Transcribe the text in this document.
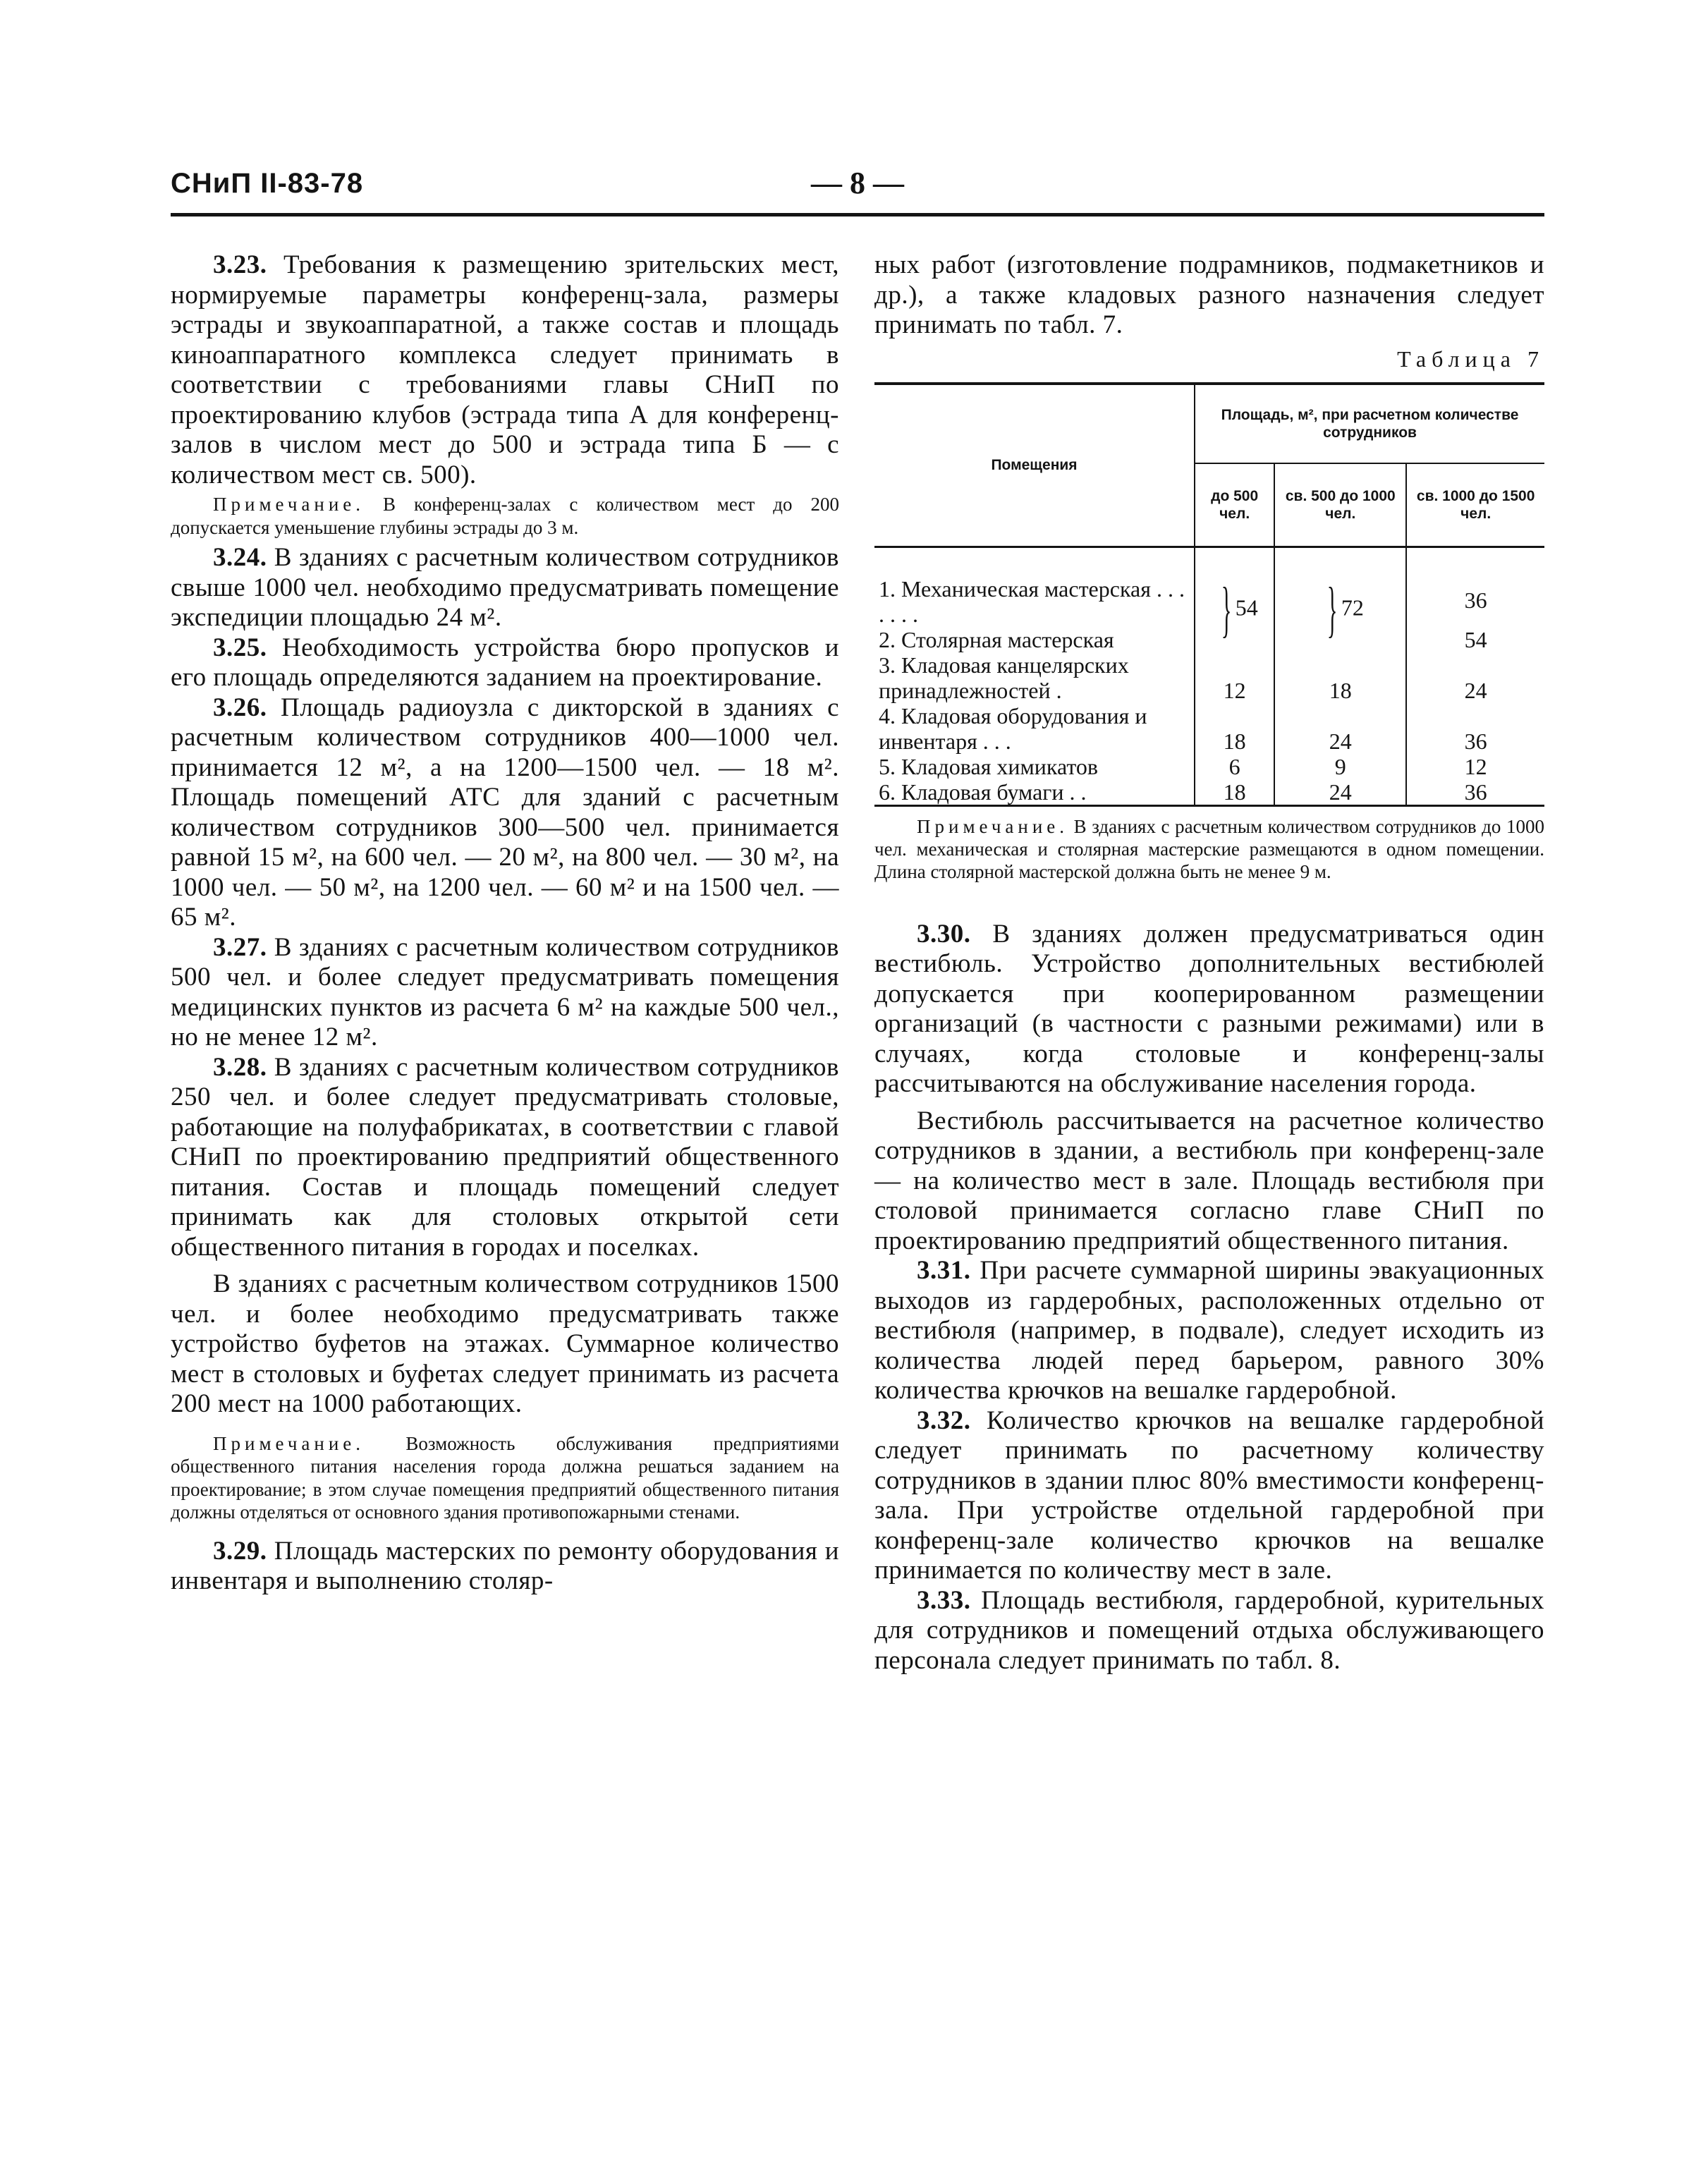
СНиП II-83-78	— 8 —

3.23. Требования к размещению зрительских мест, нормируемые параметры конференц-зала, размеры эстрады и звукоаппаратной, а также состав и площадь киноаппаратного комплекса следует принимать в соответствии с требованиями главы СНиП по проектированию клубов (эстрада типа А для конференц-залов в числом мест до 500 и эстрада типа Б — с количеством мест св. 500).

Примечание. В конференц-залах с количеством мест до 200 допускается уменьшение глубины эстрады до 3 м.

3.24. В зданиях с расчетным количеством сотрудников свыше 1000 чел. необходимо предусматривать помещение экспедиции площадью 24 м².

3.25. Необходимость устройства бюро пропусков и его площадь определяются заданием на проектирование.

3.26. Площадь радиоузла с дикторской в зданиях с расчетным количеством сотрудников 400—1000 чел. принимается 12 м², а на 1200—1500 чел. — 18 м². Площадь помещений АТС для зданий с расчетным количеством сотрудников 300—500 чел. принимается равной 15 м², на 600 чел. — 20 м², на 800 чел. — 30 м², на 1000 чел. — 50 м², на 1200 чел. — 60 м² и на 1500 чел. — 65 м².

3.27. В зданиях с расчетным количеством сотрудников 500 чел. и более следует предусматривать помещения медицинских пунктов из расчета 6 м² на каждые 500 чел., но не менее 12 м².

3.28. В зданиях с расчетным количеством сотрудников 250 чел. и более следует предусматривать столовые, работающие на полуфабрикатах, в соответствии с главой СНиП по проектированию предприятий общественного питания. Состав и площадь помещений следует принимать как для столовых открытой сети общественного питания в городах и поселках.

В зданиях с расчетным количеством сотрудников 1500 чел. и более необходимо предусматривать также устройство буфетов на этажах. Суммарное количество мест в столовых и буфетах следует принимать из расчета 200 мест на 1000 работающих.

Примечание. Возможность обслуживания предприятиями общественного питания населения города должна решаться заданием на проектирование; в этом случае помещения предприятий общественного питания должны отделяться от основного здания противопожарными стенами.

3.29. Площадь мастерских по ремонту оборудования и инвентаря и выполнению столяр-

ных работ (изготовление подрамников, подмакетников и др.), а также кладовых разного назначения следует принимать по табл. 7.

Таблица 7
Помещения	Площадь, м², при расчетном количестве сотрудников		
	до 500 чел.	св. 500 до 1000 чел.	св. 1000 до 1500 чел.
1. Механическая мастерская . . . . . . .	} 54	} 72	36
2. Столярная мастерская			54
3. Кладовая канцелярских принадлежностей .	12	18	24
4. Кладовая оборудования и инвентаря . . .	18	24	36
5. Кладовая химикатов	6	9	12
6. Кладовая бумаги . .	18	24	36

Примечание. В зданиях с расчетным количеством сотрудников до 1000 чел. механическая и столярная мастерские размещаются в одном помещении. Длина столярной мастерской должна быть не менее 9 м.

3.30. В зданиях должен предусматриваться один вестибюль. Устройство дополнительных вестибюлей допускается при кооперированном размещении организаций (в частности с разными режимами) или в случаях, когда столовые и конференц-залы рассчитываются на обслуживание населения города.

Вестибюль рассчитывается на расчетное количество сотрудников в здании, а вестибюль при конференц-зале — на количество мест в зале. Площадь вестибюля при столовой принимается согласно главе СНиП по проектированию предприятий общественного питания.

3.31. При расчете суммарной ширины эвакуационных выходов из гардеробных, расположенных отдельно от вестибюля (например, в подвале), следует исходить из количества людей перед барьером, равного 30% количества крючков на вешалке гардеробной.

3.32. Количество крючков на вешалке гардеробной следует принимать по расчетному количеству сотрудников в здании плюс 80% вместимости конференц-зала. При устройстве отдельной гардеробной при конференц-зале количество крючков на вешалке принимается по количеству мест в зале.

3.33. Площадь вестибюля, гардеробной, курительных для сотрудников и помещений отдыха обслуживающего персонала следует принимать по табл. 8.
